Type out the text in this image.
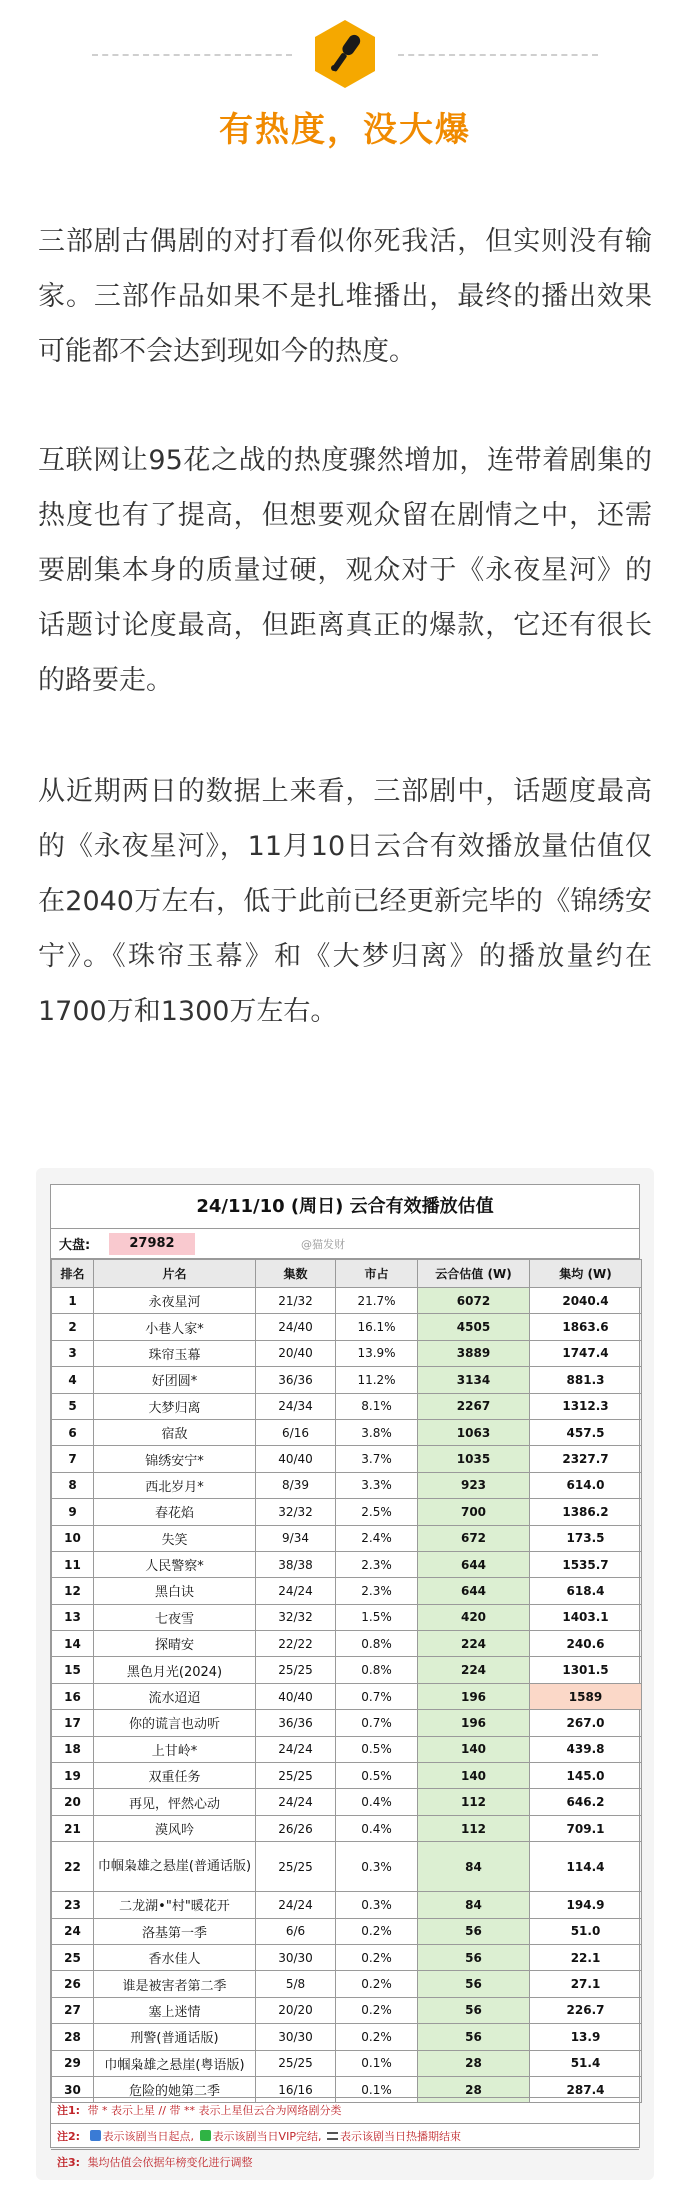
有热度，没大爆

三部剧古偶剧的对打看似你死我活，但实则没有输家。三部作品如果不是扎堆播出，最终的播出效果可能都不会达到现如今的热度。

互联网让95花之战的热度骤然增加，连带着剧集的热度也有了提高，但想要观众留在剧情之中，还需要剧集本身的质量过硬，观众对于《永夜星河》的话题讨论度最高，但距离真正的爆款，它还有很长的路要走。

从近期两日的数据上来看，三部剧中，话题度最高的《永夜星河》，11月10日云合有效播放量估值仅在2040万左右，低于此前已经更新完毕的《锦绣安宁》。《珠帘玉幕》和《大梦归离》的播放量约在1700万和1300万左右。

24/11/10 (周日) 云合有效播放估值
大盘:	27982	@猫发财
排名	片名	集数	市占	云合估值 (W)	集均 (W)
1	永夜星河	21/32	21.7%	6072	2040.4
2	小巷人家*	24/40	16.1%	4505	1863.6
3	珠帘玉幕	20/40	13.9%	3889	1747.4
4	好团圆*	36/36	11.2%	3134	881.3
5	大梦归离	24/34	8.1%	2267	1312.3
6	宿敌	6/16	3.8%	1063	457.5
7	锦绣安宁*	40/40	3.7%	1035	2327.7
8	西北岁月*	8/39	3.3%	923	614.0
9	春花焰	32/32	2.5%	700	1386.2
10	失笑	9/34	2.4%	672	173.5
11	人民警察*	38/38	2.3%	644	1535.7
12	黑白诀	24/24	2.3%	644	618.4
13	七夜雪	32/32	1.5%	420	1403.1
14	探晴安	22/22	0.8%	224	240.6
15	黑色月光(2024)	25/25	0.8%	224	1301.5
16	流水迢迢	40/40	0.7%	196	1589
17	你的谎言也动听	36/36	0.7%	196	267.0
18	上甘岭*	24/24	0.5%	140	439.8
19	双重任务	25/25	0.5%	140	145.0
20	再见，怦然心动	24/24	0.4%	112	646.2
21	漠风吟	26/26	0.4%	112	709.1
22	巾帼枭雄之悬崖(普通话版)	25/25	0.3%	84	114.4
23	二龙湖•"村"暖花开	24/24	0.3%	84	194.9
24	洛基第一季	6/6	0.2%	56	51.0
25	香水佳人	30/30	0.2%	56	22.1
26	谁是被害者第二季	5/8	0.2%	56	27.1
27	塞上迷情	20/20	0.2%	56	226.7
28	刑警(普通话版)	30/30	0.2%	56	13.9
29	巾帼枭雄之悬崖(粤语版)	25/25	0.1%	28	51.4
30	危险的她第二季	16/16	0.1%	28	287.4
注1: 带 * 表示上星 // 带 ** 表示上星但云合为网络剧分类
注2: 表示该剧当日起点, 表示该剧当日VIP完结, 表示该剧当日热播期结束
注3: 集均估值会依据年榜变化进行调整
